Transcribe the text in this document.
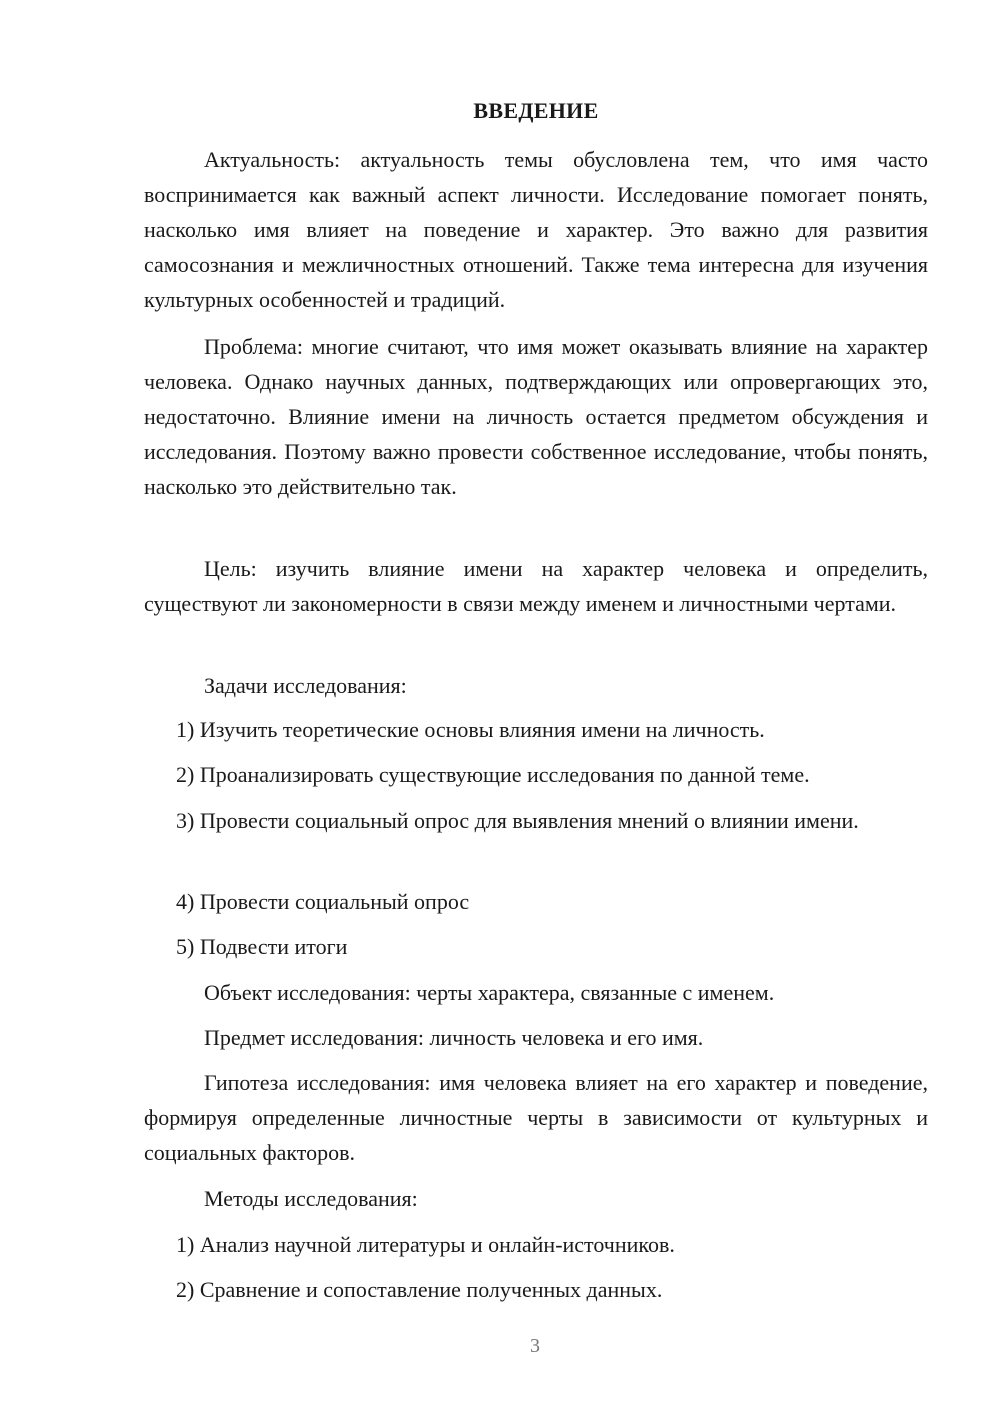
ВВЕДЕНИЕ

Актуальность: актуальность темы обусловлена тем, что имя часто воспринимается как важный аспект личности. Исследование помогает понять, насколько имя влияет на поведение и характер. Это важно для развития самосознания и межличностных отношений. Также тема интересна для изучения культурных особенностей и традиций.

Проблема: многие считают, что имя может оказывать влияние на характер человека. Однако научных данных, подтверждающих или опровергающих это, недостаточно. Влияние имени на личность остается предметом обсуждения и исследования. Поэтому важно провести собственное исследование, чтобы понять, насколько это действительно так.

Цель: изучить влияние имени на характер человека и определить, существуют ли закономерности в связи между именем и личностными чертами.

Задачи исследования:

1) Изучить теоретические основы влияния имени на личность.

2) Проанализировать существующие исследования по данной теме.

3) Провести социальный опрос для выявления мнений о влиянии имени.

4) Провести социальный опрос

5) Подвести итоги

Объект исследования: черты характера, связанные с именем.

Предмет исследования: личность человека и его имя.

Гипотеза исследования: имя человека влияет на его характер и поведение, формируя определенные личностные черты в зависимости от культурных и социальных факторов.

Методы исследования:

1) Анализ научной литературы и онлайн-источников.

2) Сравнение и сопоставление полученных данных.

3
